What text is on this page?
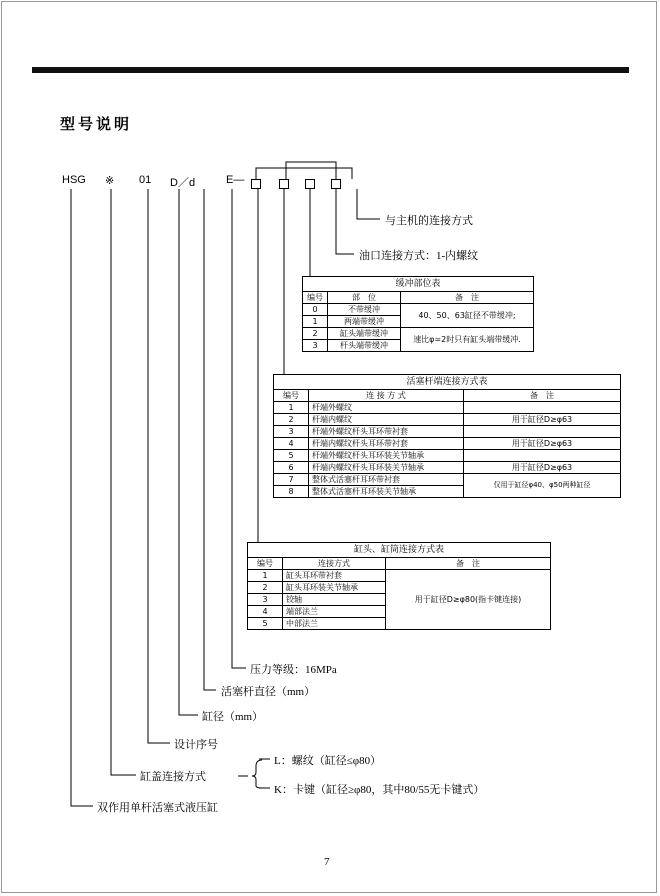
型号说明
HSG ※ 01 D／d	E—
与主机的连接方式
油口连接方式：1-内螺纹
压力等级：16MPa
活塞杆直径（mm）
缸径（mm）
设计序号
缸盖连接方式
L：螺纹（缸径≤φ80）
K：卡键（缸径≥φ80，其中80/55无卡键式）
双作用单杆活塞式液压缸
缓冲部位表		
编号	部　位	备　注
0	不带缓冲	40、50、63缸径不带缓冲;
1	两端带缓冲	
2	缸头端带缓冲	速比φ=2时只有缸头端带缓冲.
3	杆头端带缓冲	
活塞杆端连接方式表		
编号	连 接 方 式	备　注
1	杆端外螺纹	
2	杆端内螺纹	用于缸径D≥φ63
3	杆端外螺纹杆头耳环带衬套	
4	杆端内螺纹杆头耳环带衬套	用于缸径D≥φ63
5	杆端外螺纹杆头耳环装关节轴承	
6	杆端内螺纹杆头耳环装关节轴承	用于缸径D≥φ63
7	整体式活塞杆耳环带衬套	仅用于缸径φ40、φ50两种缸径
8	整体式活塞杆耳环装关节轴承	
缸头、缸筒连接方式表		
编号	连接方式	备　注
1	缸头耳环带衬套	用于缸径D≥φ80(指卡键连接)
2	缸头耳环装关节轴承	
3	铰轴	
4	端部法兰	
5	中部法兰	
7
